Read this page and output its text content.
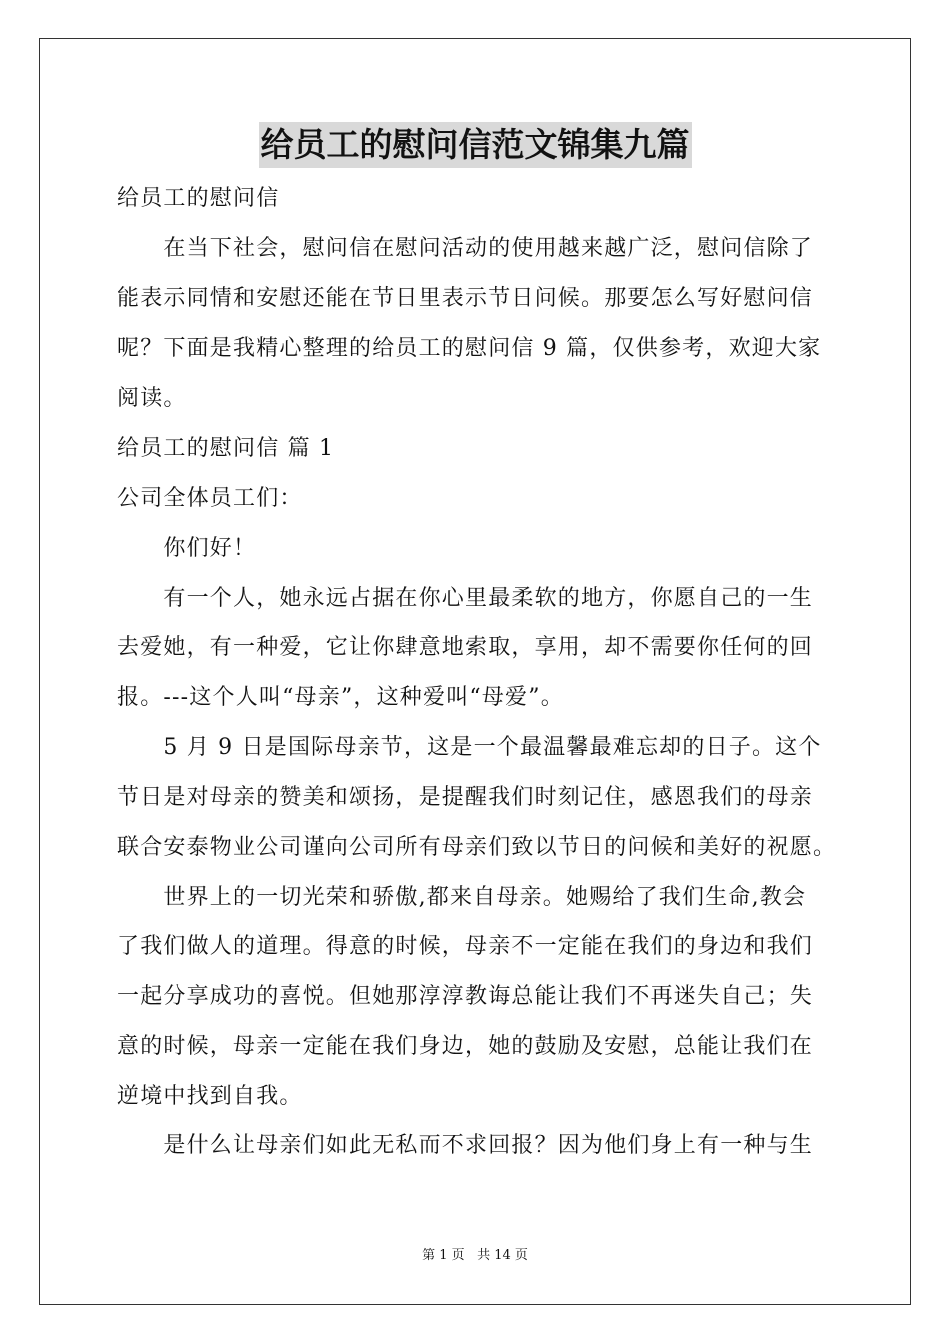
给员工的慰问信范文锦集九篇
给员工的慰问信
　　在当下社会，慰问信在慰问活动的使用越来越广泛，慰问信除了
能表示同情和安慰还能在节日里表示节日问候。那要怎么写好慰问信
呢？下面是我精心整理的给员工的慰问信 9 篇，仅供参考，欢迎大家
阅读。
给员工的慰问信 篇 1
公司全体员工们：
　　你们好！
　　有一个人，她永远占据在你心里最柔软的地方，你愿自己的一生
去爱她，有一种爱，它让你肆意地索取，享用，却不需要你任何的回
报。---这个人叫“母亲”，这种爱叫“母爱”。
　　5 月 9 日是国际母亲节，这是一个最温馨最难忘却的日子。这个
节日是对母亲的赞美和颂扬，是提醒我们时刻记住，感恩我们的母亲
联合安泰物业公司谨向公司所有母亲们致以节日的问候和美好的祝愿。
　　世界上的一切光荣和骄傲,都来自母亲。她赐给了我们生命,教会
了我们做人的道理。得意的时候，母亲不一定能在我们的身边和我们
一起分享成功的喜悦。但她那淳淳教诲总能让我们不再迷失自己；失
意的时候，母亲一定能在我们身边，她的鼓励及安慰，总能让我们在
逆境中找到自我。
　　是什么让母亲们如此无私而不求回报？因为他们身上有一种与生
第 1 页 共 14 页
